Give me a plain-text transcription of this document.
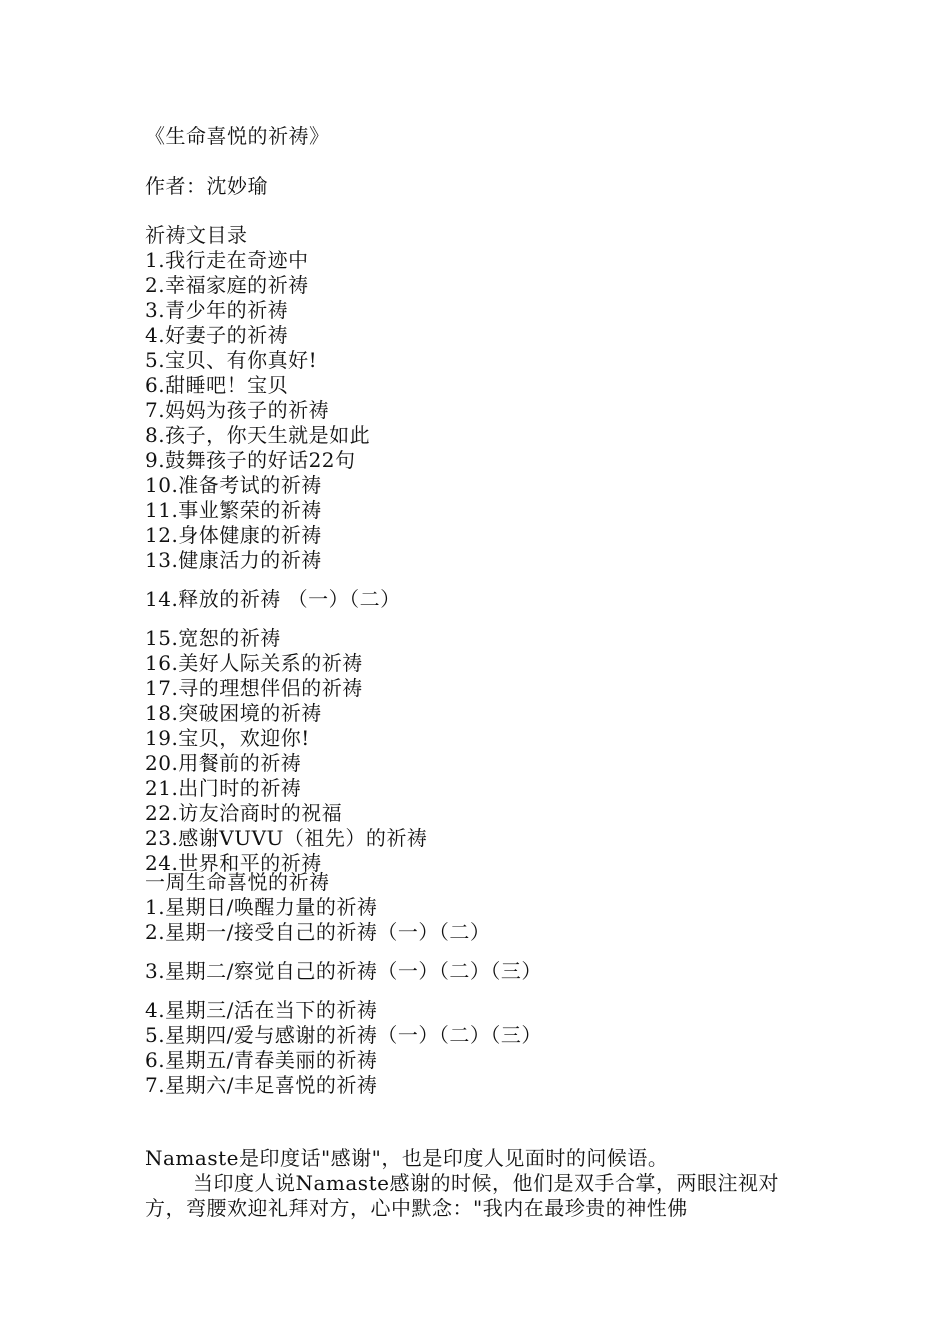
《生命喜悦的祈祷》
作者：沈妙瑜
祈祷文目录
1.我行走在奇迹中
2.幸福家庭的祈祷
3.青少年的祈祷
4.好妻子的祈祷
5.宝贝、有你真好!
6.甜睡吧！宝贝
7.妈妈为孩子的祈祷
8.孩子，你天生就是如此
9.鼓舞孩子的好话22句
10.准备考试的祈祷
11.事业繁荣的祈祷
12.身体健康的祈祷
13.健康活力的祈祷
14.释放的祈祷 （一）（二）
15.宽恕的祈祷
16.美好人际关系的祈祷
17.寻的理想伴侣的祈祷
18.突破困境的祈祷
19.宝贝，欢迎你!
20.用餐前的祈祷
21.出门时的祈祷
22.访友洽商时的祝福
23.感谢VUVU（祖先）的祈祷
24.世界和平的祈祷
一周生命喜悦的祈祷
1.星期日/唤醒力量的祈祷
2.星期一/接受自己的祈祷（一）（二）
3.星期二/察觉自己的祈祷（一）（二）（三）
4.星期三/活在当下的祈祷
5.星期四/爱与感谢的祈祷（一）（二）（三）
6.星期五/青春美丽的祈祷
7.星期六/丰足喜悦的祈祷
Namaste是印度话"感谢"，也是印度人见面时的问候语。
当印度人说Namaste感谢的时候，他们是双手合掌，两眼注视对方，弯腰欢迎礼拜对方，心中默念："我内在最珍贵的神性佛
